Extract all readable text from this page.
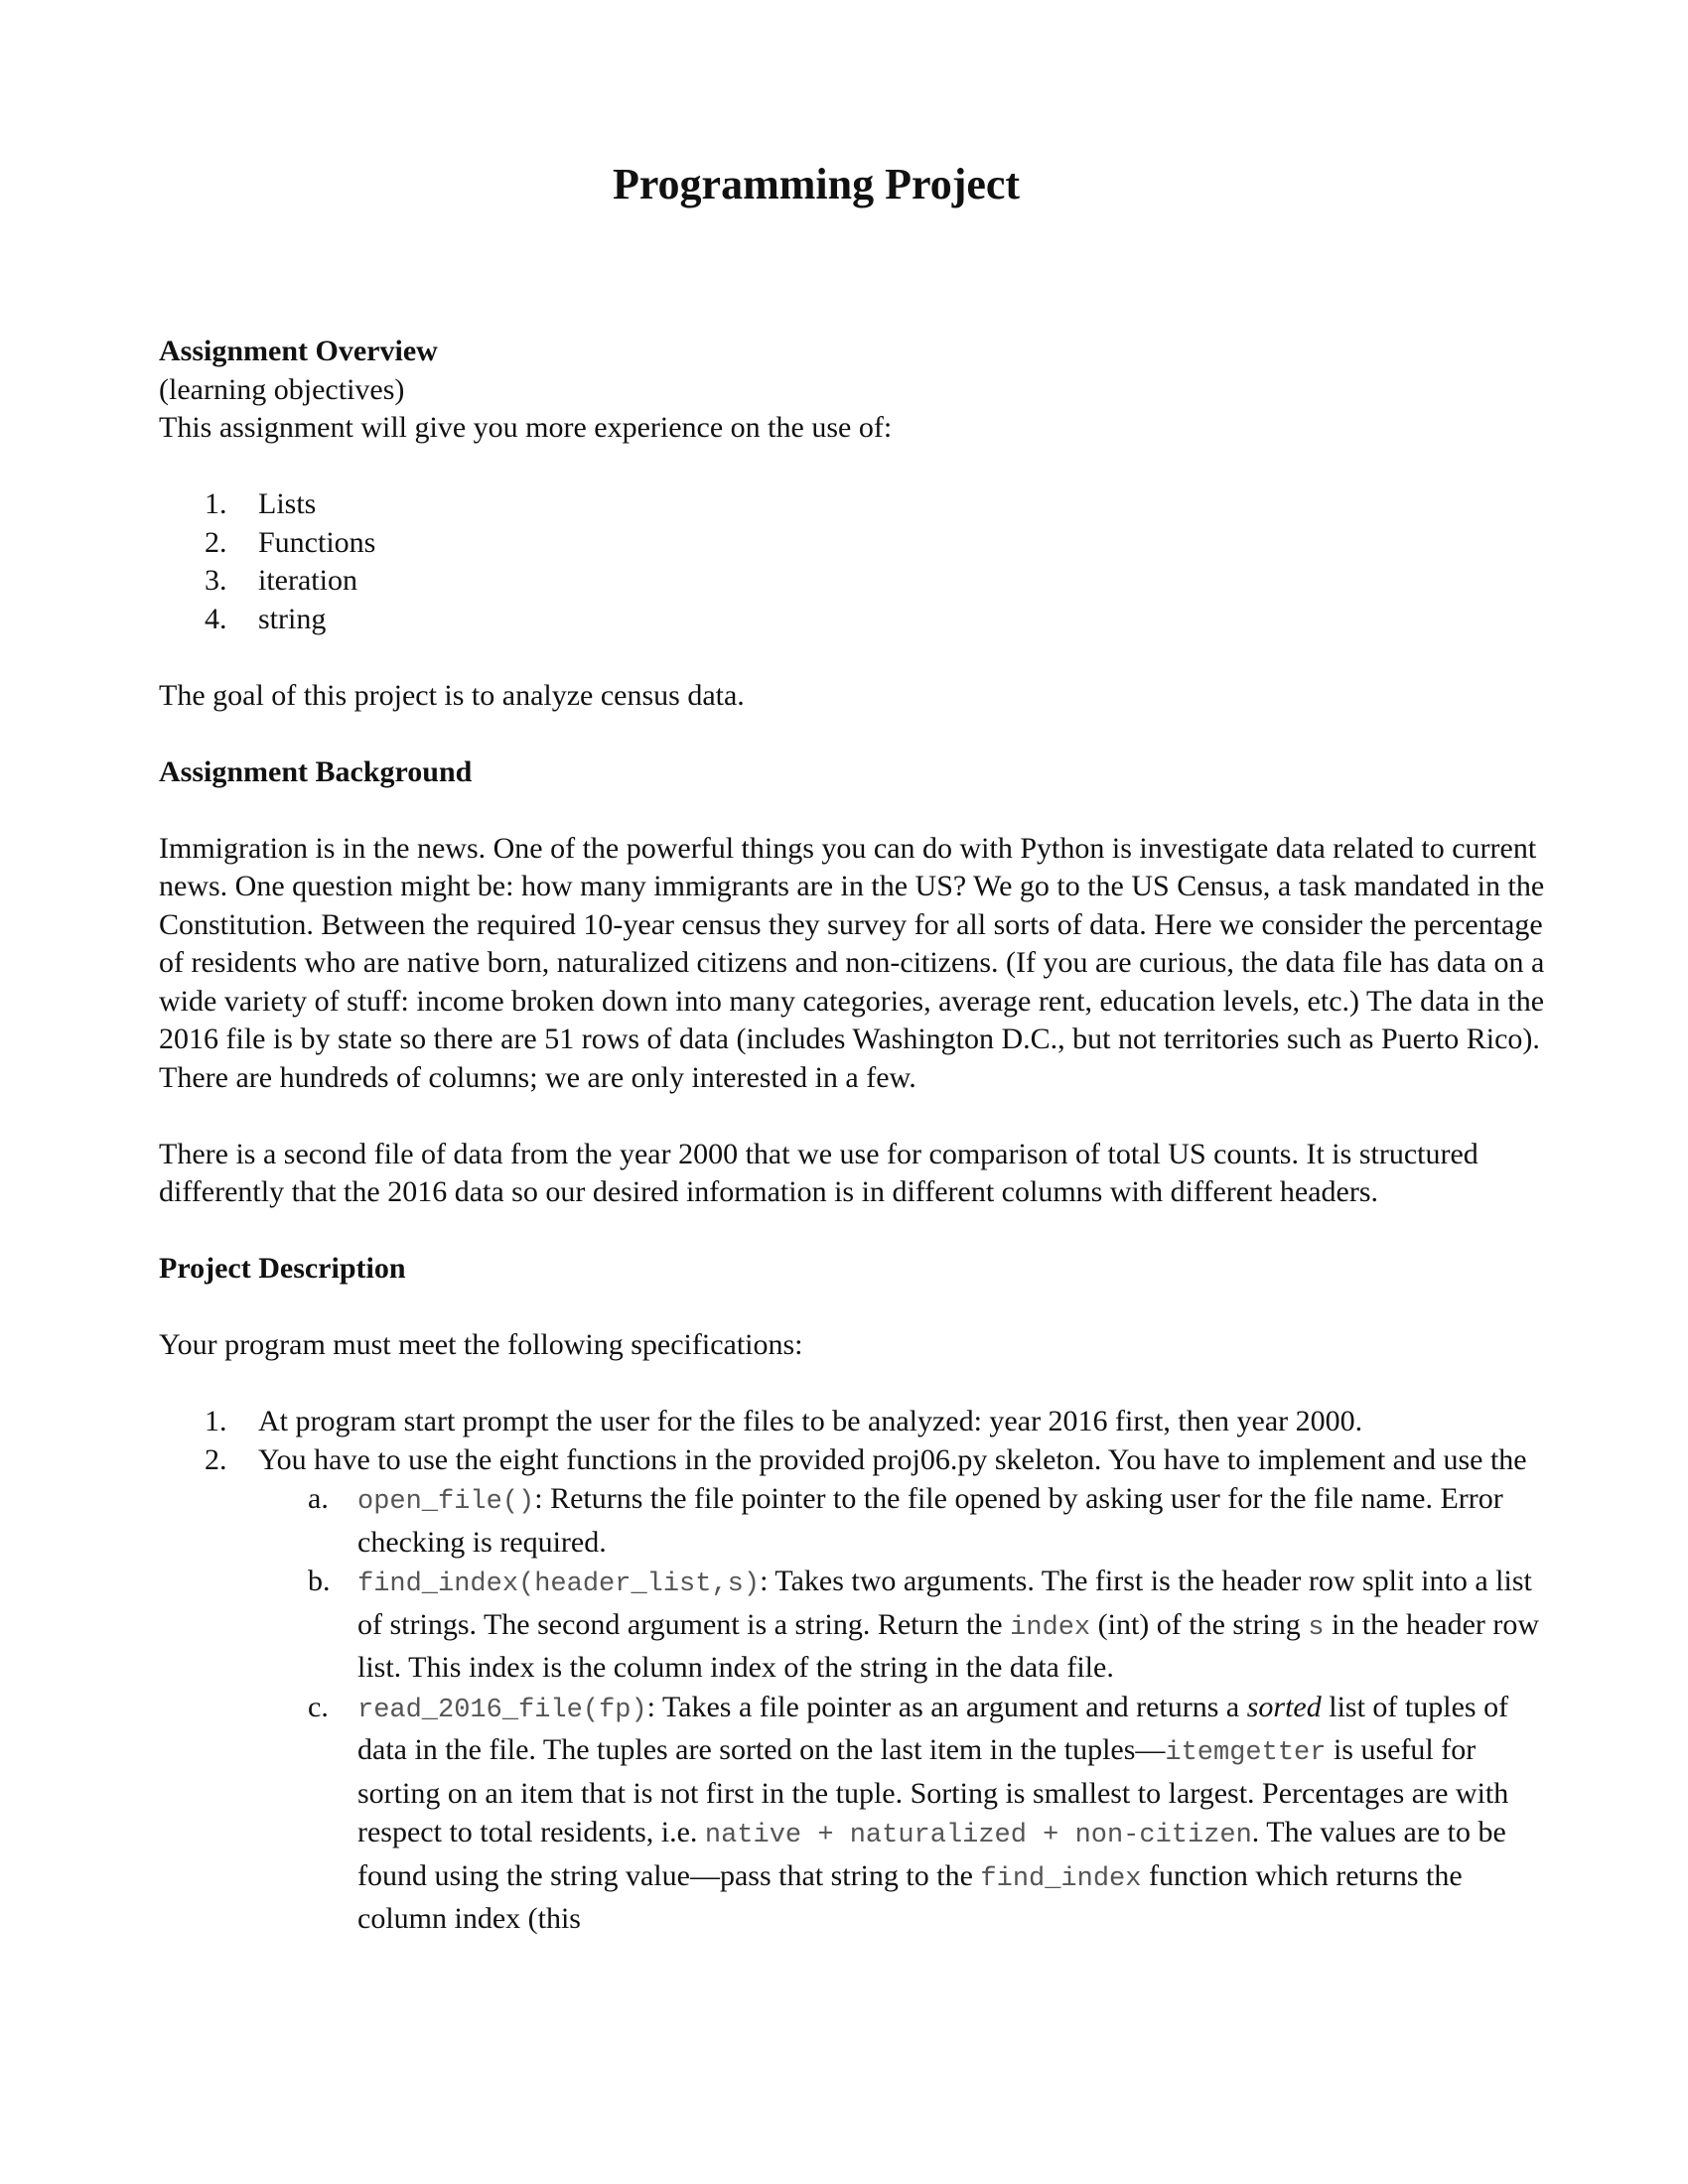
Programming Project
Assignment Overview

(learning objectives)

This assignment will give you more experience on the use of:

1. Lists
2. Functions
3. iteration
4. string

The goal of this project is to analyze census data.

Assignment Background

Immigration is in the news. One of the powerful things you can do with Python is investigate data related to current news. One question might be: how many immigrants are in the US? We go to the US Census, a task mandated in the Constitution. Between the required 10-year census they survey for all sorts of data. Here we consider the percentage of residents who are native born, naturalized citizens and non-citizens. (If you are curious, the data file has data on a wide variety of stuff: income broken down into many categories, average rent, education levels, etc.) The data in the 2016 file is by state so there are 51 rows of data (includes Washington D.C., but not territories such as Puerto Rico). There are hundreds of columns; we are only interested in a few.

There is a second file of data from the year 2000 that we use for comparison of total US counts. It is structured differently that the 2016 data so our desired information is in different columns with different headers.

Project Description

Your program must meet the following specifications:

1. At program start prompt the user for the files to be analyzed: year 2016 first, then year 2000.
2. You have to use the eight functions in the provided proj06.py skeleton. You have to implement and use the
a. open_file(): Returns the file pointer to the file opened by asking user for the file name. Error checking is required.
b. find_index(header_list,s): Takes two arguments. The first is the header row split into a list of strings. The second argument is a string. Return the index (int) of the string s in the header row list. This index is the column index of the string in the data file.
c. read_2016_file(fp): Takes a file pointer as an argument and returns a sorted list of tuples of data in the file. The tuples are sorted on the last item in the tuples—itemgetter is useful for sorting on an item that is not first in the tuple. Sorting is smallest to largest. Percentages are with respect to total residents, i.e. native + naturalized + non-citizen. The values are to be found using the string value—pass that string to the find_index function which returns the column index (this
